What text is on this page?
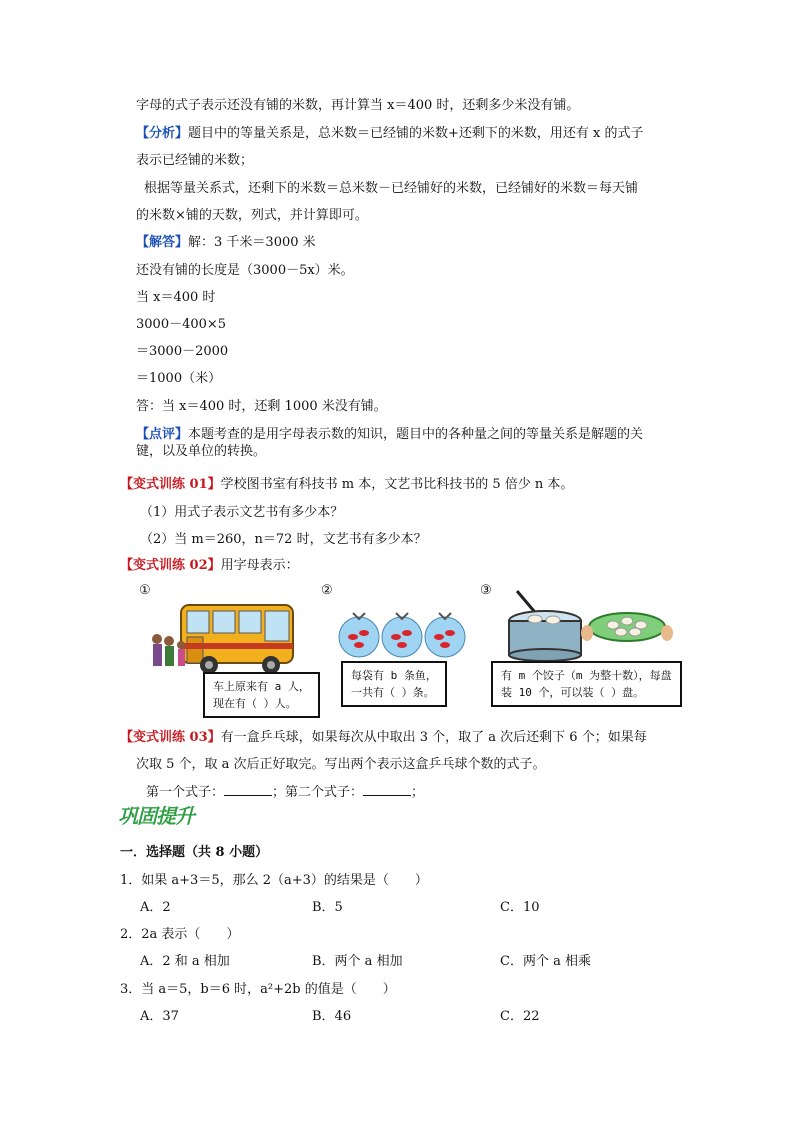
字母的式子表示还没有铺的米数，再计算当 x＝400 时，还剩多少米没有铺。
【分析】题目中的等量关系是，总米数＝已经铺的米数+还剩下的米数，用还有 x 的式子
表示已经铺的米数；
根据等量关系式，还剩下的米数＝总米数－已经铺好的米数，已经铺好的米数＝每天铺
的米数×铺的天数，列式，并计算即可。
【解答】解：3 千米＝3000 米
还没有铺的长度是（3000－5x）米。
当 x＝400 时
3000－400×5
＝3000－2000
＝1000（米）
答：当 x＝400 时，还剩 1000 米没有铺。
【点评】本题考查的是用字母表示数的知识，题目中的各种量之间的等量关系是解题的关
键，以及单位的转换。
【变式训练 01】学校图书室有科技书 m 本，文艺书比科技书的 5 倍少 n 本。
（1）用式子表示文艺书有多少本？
（2）当 m＝260，n＝72 时，文艺书有多少本？
【变式训练 02】用字母表示：
①
车上原来有 a 人，
现在有（ ）人。
②
每袋有 b 条鱼，
一共有（ ）条。
③
有 m 个饺子（m 为整十数），每盘
装 10 个，可以装（ ）盘。
【变式训练 03】有一盒乒乓球，如果每次从中取出 3 个，取了 a 次后还剩下 6 个；如果每
次取 5 个，取 a 次后正好取完。写出两个表示这盒乒乓球个数的式子。
第一个式子：	；第二个式子：	；
巩固提升
一．选择题（共 8 小题）
1．如果 a+3＝5，那么 2（a+3）的结果是（　　）
A．2	B．5	C．10
2．2a 表示（　　）
A．2 和 a 相加	B．两个 a 相加	C．两个 a 相乘
3．当 a＝5，b＝6 时，a²+2b 的值是（　　）
A．37	B．46	C．22
